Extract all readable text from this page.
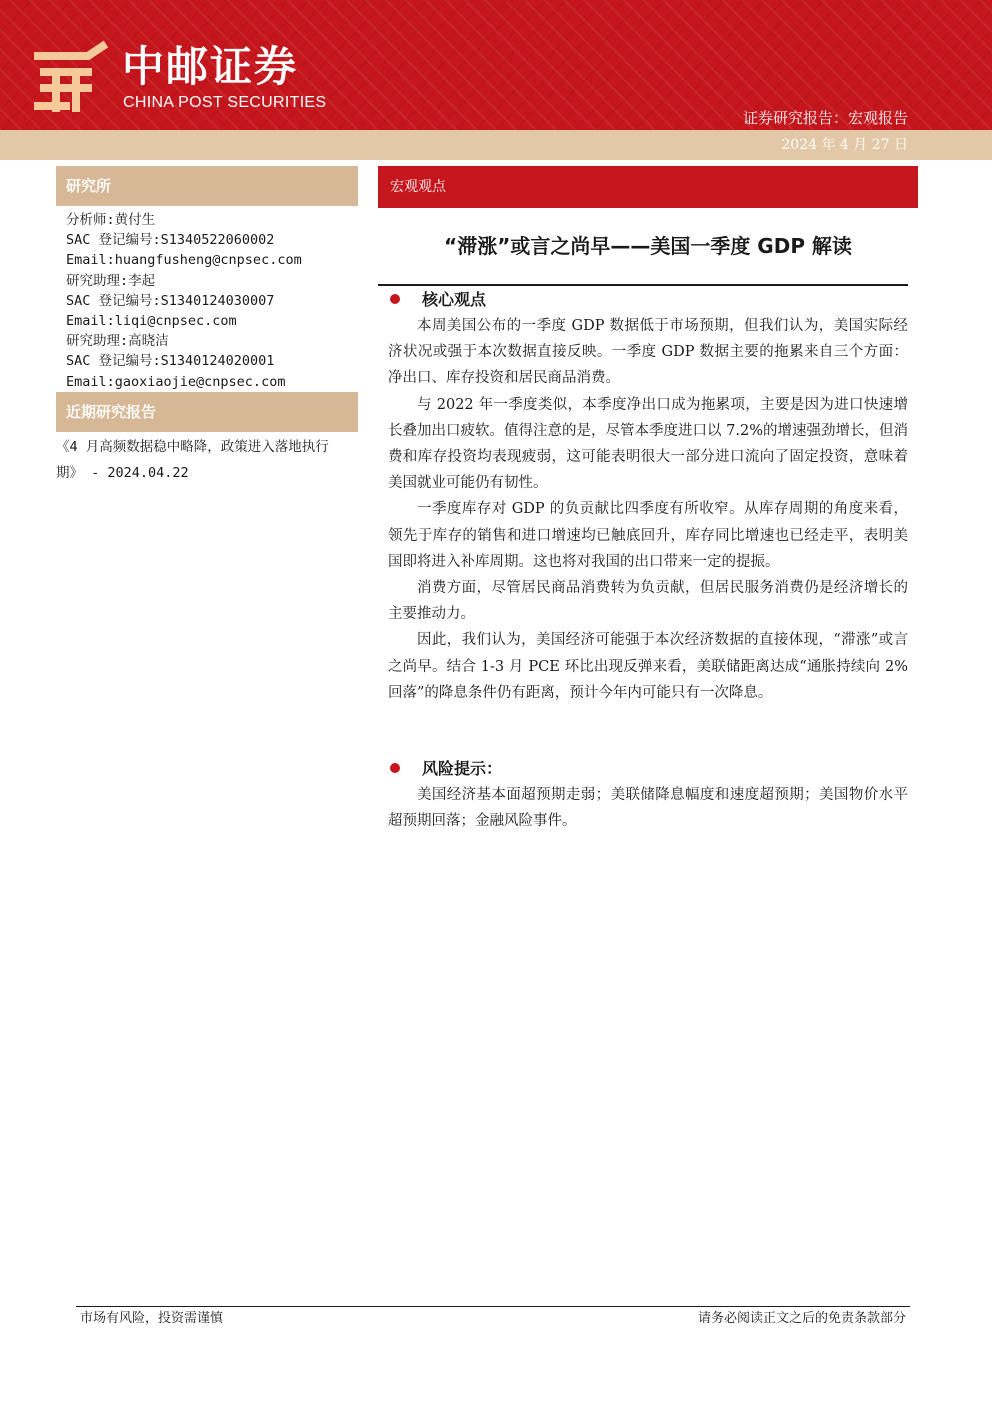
中邮证券
CHINA POST SECURITIES
证券研究报告：宏观报告
2024 年 4 月 27 日
研究所
分析师:黄付生
SAC 登记编号:S1340522060002
Email:huangfusheng@cnpsec.com
研究助理:李起
SAC 登记编号:S1340124030007
Email:liqi@cnpsec.com
研究助理:高晓洁
SAC 登记编号:S1340124020001
Email:gaoxiaojie@cnpsec.com
近期研究报告
《4 月高频数据稳中略降，政策进入落地执行期》 - 2024.04.22
宏观观点
“滞涨”或言之尚早——美国一季度 GDP 解读
核心观点

本周美国公布的一季度 GDP 数据低于市场预期，但我们认为，美国实际经济状况或强于本次数据直接反映。一季度 GDP 数据主要的拖累来自三个方面：净出口、库存投资和居民商品消费。

与 2022 年一季度类似，本季度净出口成为拖累项，主要是因为进口快速增长叠加出口疲软。值得注意的是，尽管本季度进口以 7.2%的增速强劲增长，但消费和库存投资均表现疲弱，这可能表明很大一部分进口流向了固定投资，意味着美国就业可能仍有韧性。

一季度库存对 GDP 的负贡献比四季度有所收窄。从库存周期的角度来看，领先于库存的销售和进口增速均已触底回升，库存同比增速也已经走平，表明美国即将进入补库周期。这也将对我国的出口带来一定的提振。

消费方面，尽管居民商品消费转为负贡献，但居民服务消费仍是经济增长的主要推动力。

因此，我们认为，美国经济可能强于本次经济数据的直接体现，“滞涨”或言之尚早。结合 1-3 月 PCE 环比出现反弹来看，美联储距离达成“通胀持续向 2%回落”的降息条件仍有距离，预计今年内可能只有一次降息。

风险提示：

美国经济基本面超预期走弱；美联储降息幅度和速度超预期；美国物价水平超预期回落；金融风险事件。

市场有风险，投资需谨慎	请务必阅读正文之后的免责条款部分
